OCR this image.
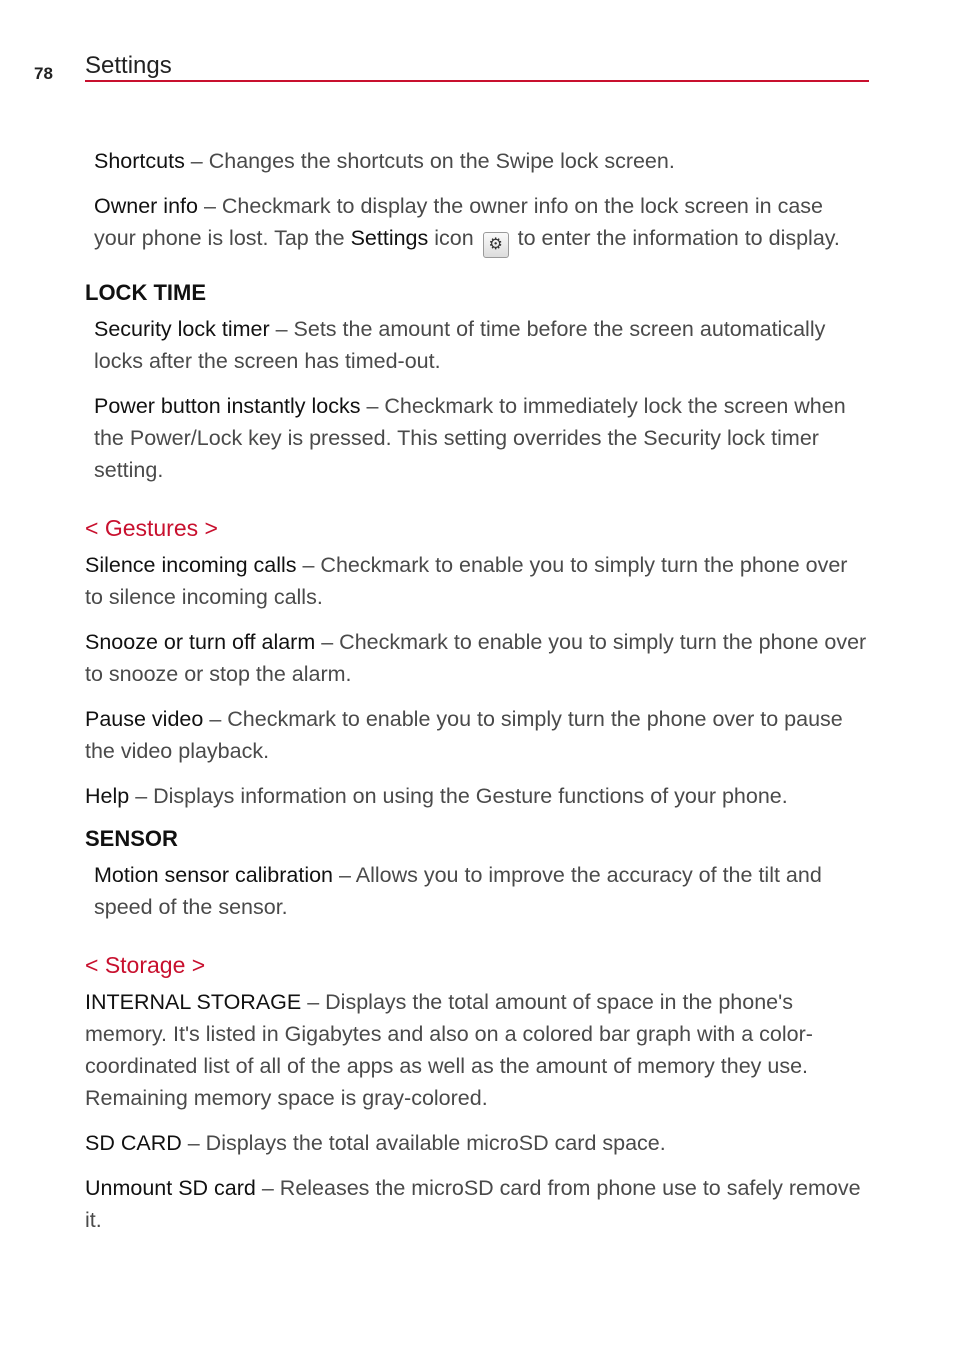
78 Settings

Shortcuts – Changes the shortcuts on the Swipe lock screen.

Owner info – Checkmark to display the owner info on the lock screen in case your phone is lost. Tap the Settings icon ⚙ to enter the information to display.

LOCK TIME

Security lock timer – Sets the amount of time before the screen automatically locks after the screen has timed-out.

Power button instantly locks – Checkmark to immediately lock the screen when the Power/Lock key is pressed. This setting overrides the Security lock timer setting.

< Gestures >

Silence incoming calls – Checkmark to enable you to simply turn the phone over to silence incoming calls.

Snooze or turn off alarm – Checkmark to enable you to simply turn the phone over to snooze or stop the alarm.

Pause video – Checkmark to enable you to simply turn the phone over to pause the video playback.

Help – Displays information on using the Gesture functions of your phone.

SENSOR

Motion sensor calibration – Allows you to improve the accuracy of the tilt and speed of the sensor.

< Storage >

INTERNAL STORAGE – Displays the total amount of space in the phone's memory. It's listed in Gigabytes and also on a colored bar graph with a color-coordinated list of all of the apps as well as the amount of memory they use. Remaining memory space is gray-colored.

SD CARD – Displays the total available microSD card space.

Unmount SD card – Releases the microSD card from phone use to safely remove it.
